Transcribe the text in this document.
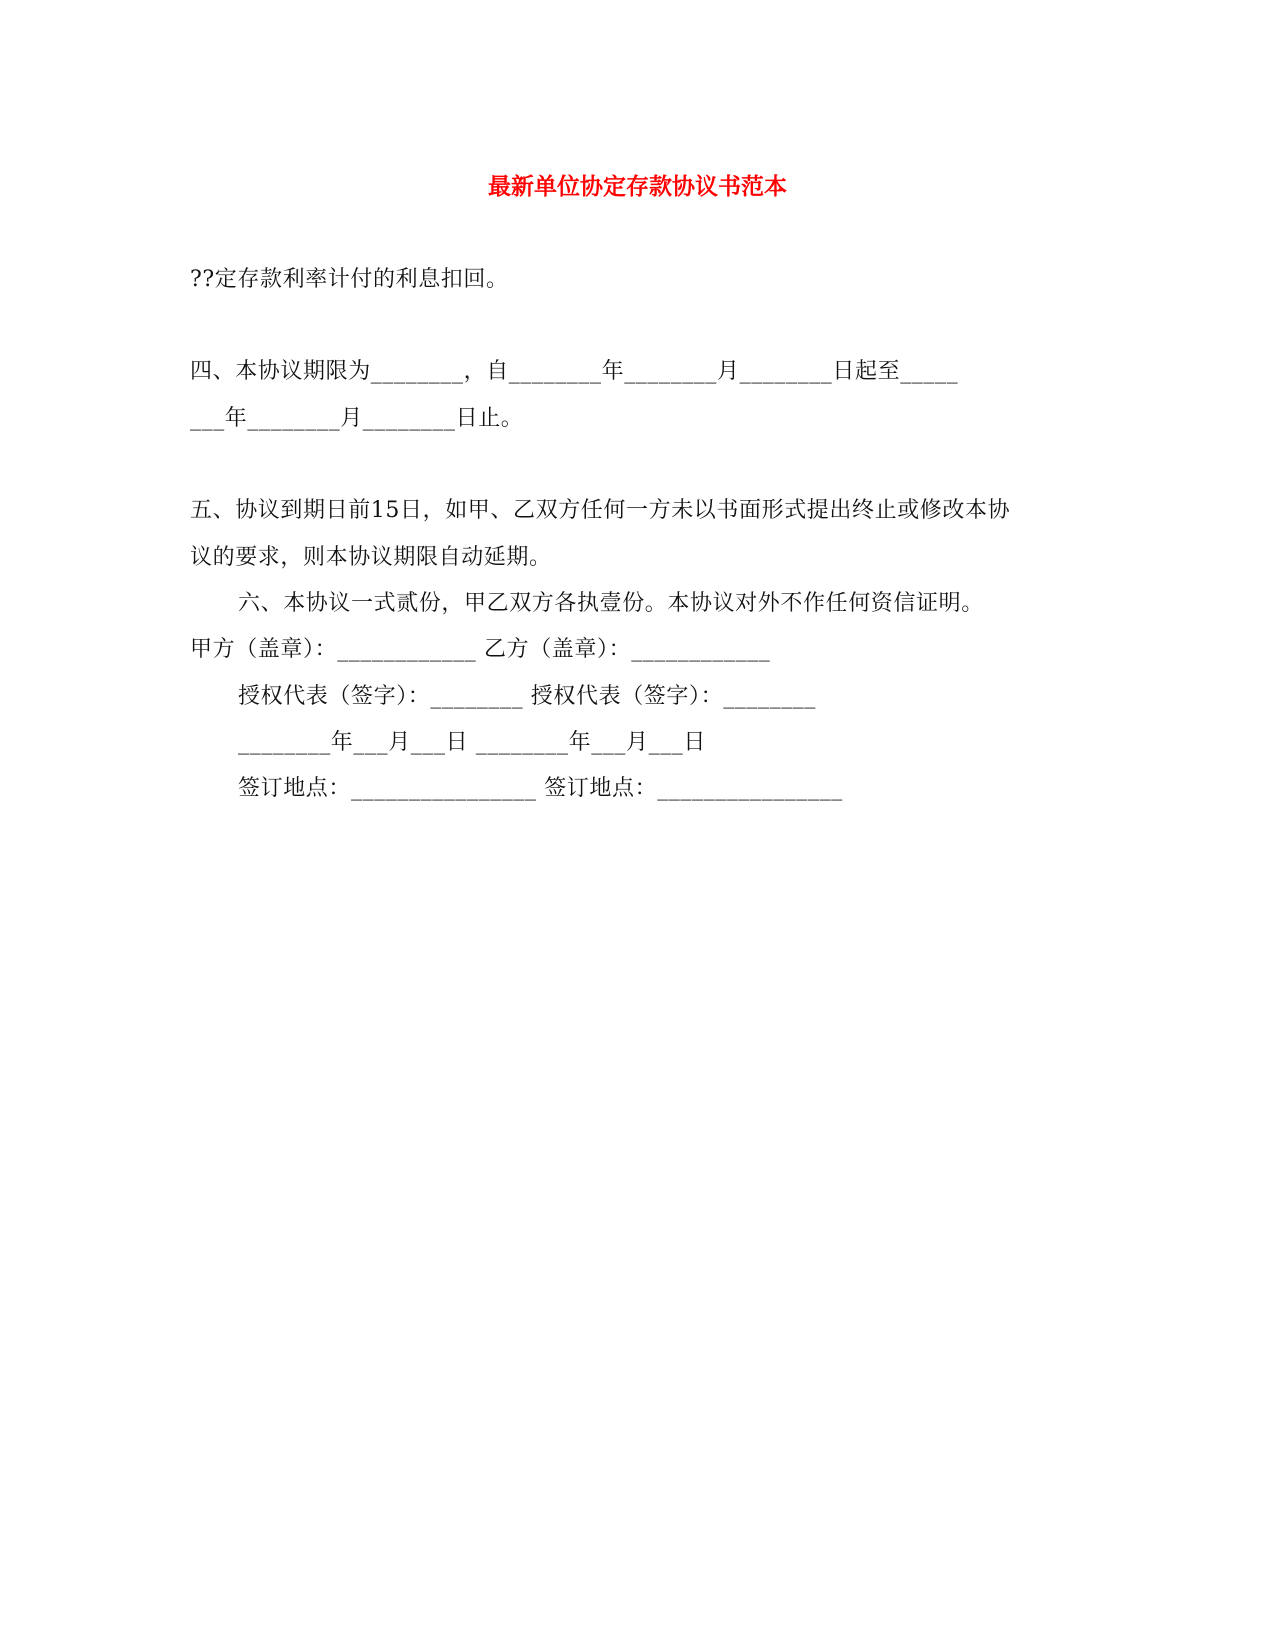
最新单位协定存款协议书范本

??定存款利率计付的利息扣回。

四、本协议期限为________，自________年________月________日起至_____

___年________月________日止。

五、协议到期日前15日，如甲、乙双方任何一方未以书面形式提出终止或修改本协

议的要求，则本协议期限自动延期。

六、本协议一式贰份，甲乙双方各执壹份。本协议对外不作任何资信证明。

甲方（盖章）：____________ 乙方（盖章）：____________

授权代表（签字）：________ 授权代表（签字）：________

________年___月___日 ________年___月___日

签订地点：________________ 签订地点：________________
